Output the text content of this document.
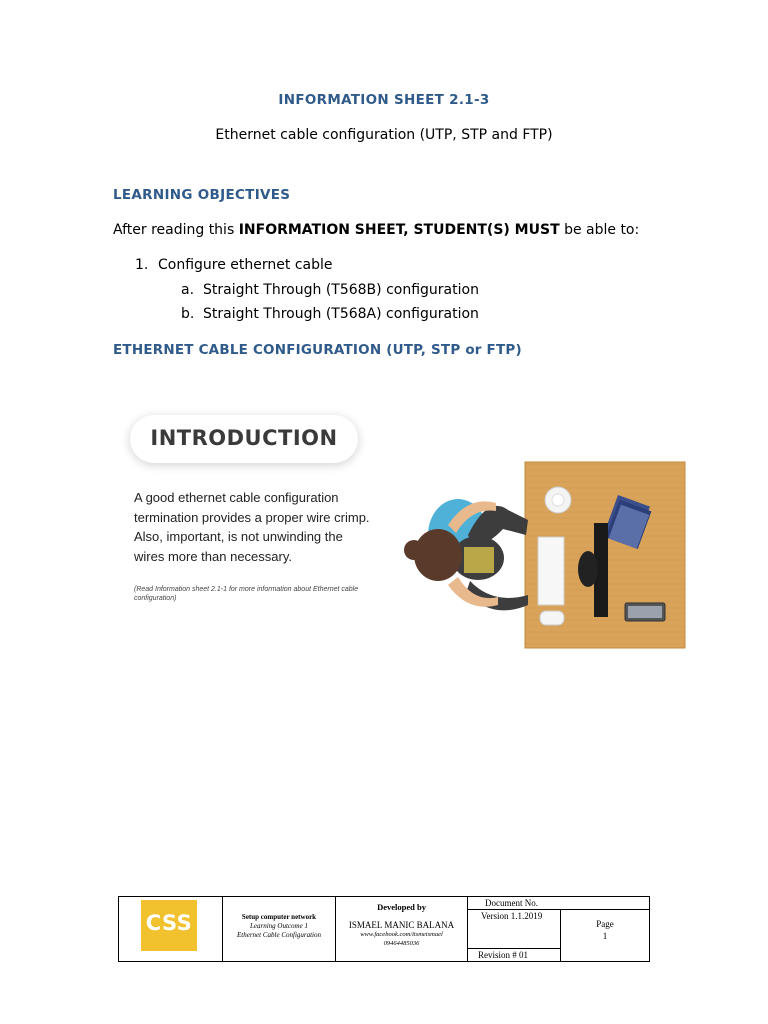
INFORMATION SHEET 2.1-3
Ethernet cable configuration (UTP, STP and FTP)
LEARNING OBJECTIVES
After reading this INFORMATION SHEET, STUDENT(S) MUST be able to:
1. Configure ethernet cable
a. Straight Through (T568B) configuration
b. Straight Through (T568A) configuration
ETHERNET CABLE CONFIGURATION (UTP, STP or FTP)
INTRODUCTION
A good ethernet cable configuration termination provides a proper wire crimp. Also, important, is not unwinding the wires more than necessary.
(Read Information sheet 2.1-1 for more information about Ethernet cable configuration)
CSS	Setup computer network
Learning Outcome 1
Ethernet Cable Configuration
Developed by
ISMAEL MANIC BALANA
www.facebook.com/itsmeismael
09464485036
Document No.
Version 1.1.2019
Revision # 01
Page
1
